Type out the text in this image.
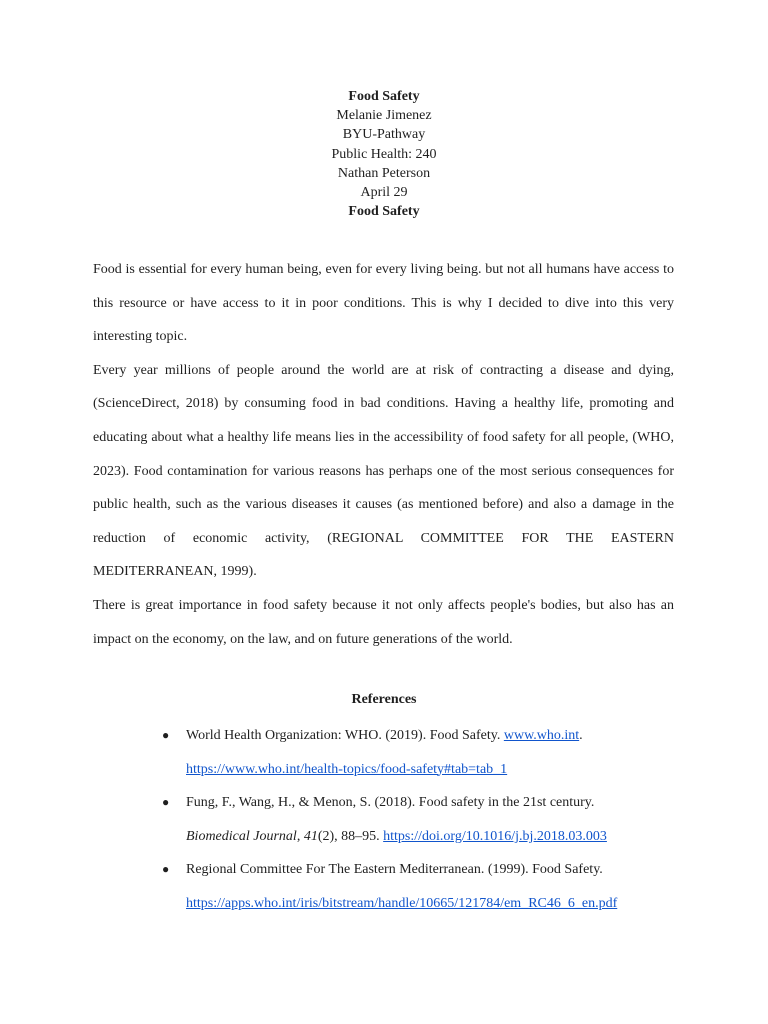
Food Safety
Melanie Jimenez
BYU-Pathway
Public Health: 240
Nathan Peterson
April 29
Food Safety

Food is essential for every human being, even for every living being. but not all humans have access to this resource or have access to it in poor conditions. This is why I decided to dive into this very interesting topic.

Every year millions of people around the world are at risk of contracting a disease and dying, (ScienceDirect, 2018) by consuming food in bad conditions. Having a healthy life, promoting and educating about what a healthy life means lies in the accessibility of food safety for all people, (WHO, 2023). Food contamination for various reasons has perhaps one of the most serious consequences for public health, such as the various diseases it causes (as mentioned before) and also a damage in the reduction of economic activity, (REGIONAL COMMITTEE FOR THE EASTERN MEDITERRANEAN, 1999).

There is great importance in food safety because it not only affects people's bodies, but also has an impact on the economy, on the law, and on future generations of the world.

References
● World Health Organization: WHO. (2019). Food Safety. www.who.int.
https://www.who.int/health-topics/food-safety#tab=tab_1
● Fung, F., Wang, H., & Menon, S. (2018). Food safety in the 21st century.
Biomedical Journal, 41(2), 88–95. https://doi.org/10.1016/j.bj.2018.03.003
● Regional Committee For The Eastern Mediterranean. (1999). Food Safety.
https://apps.who.int/iris/bitstream/handle/10665/121784/em_RC46_6_en.pdf
